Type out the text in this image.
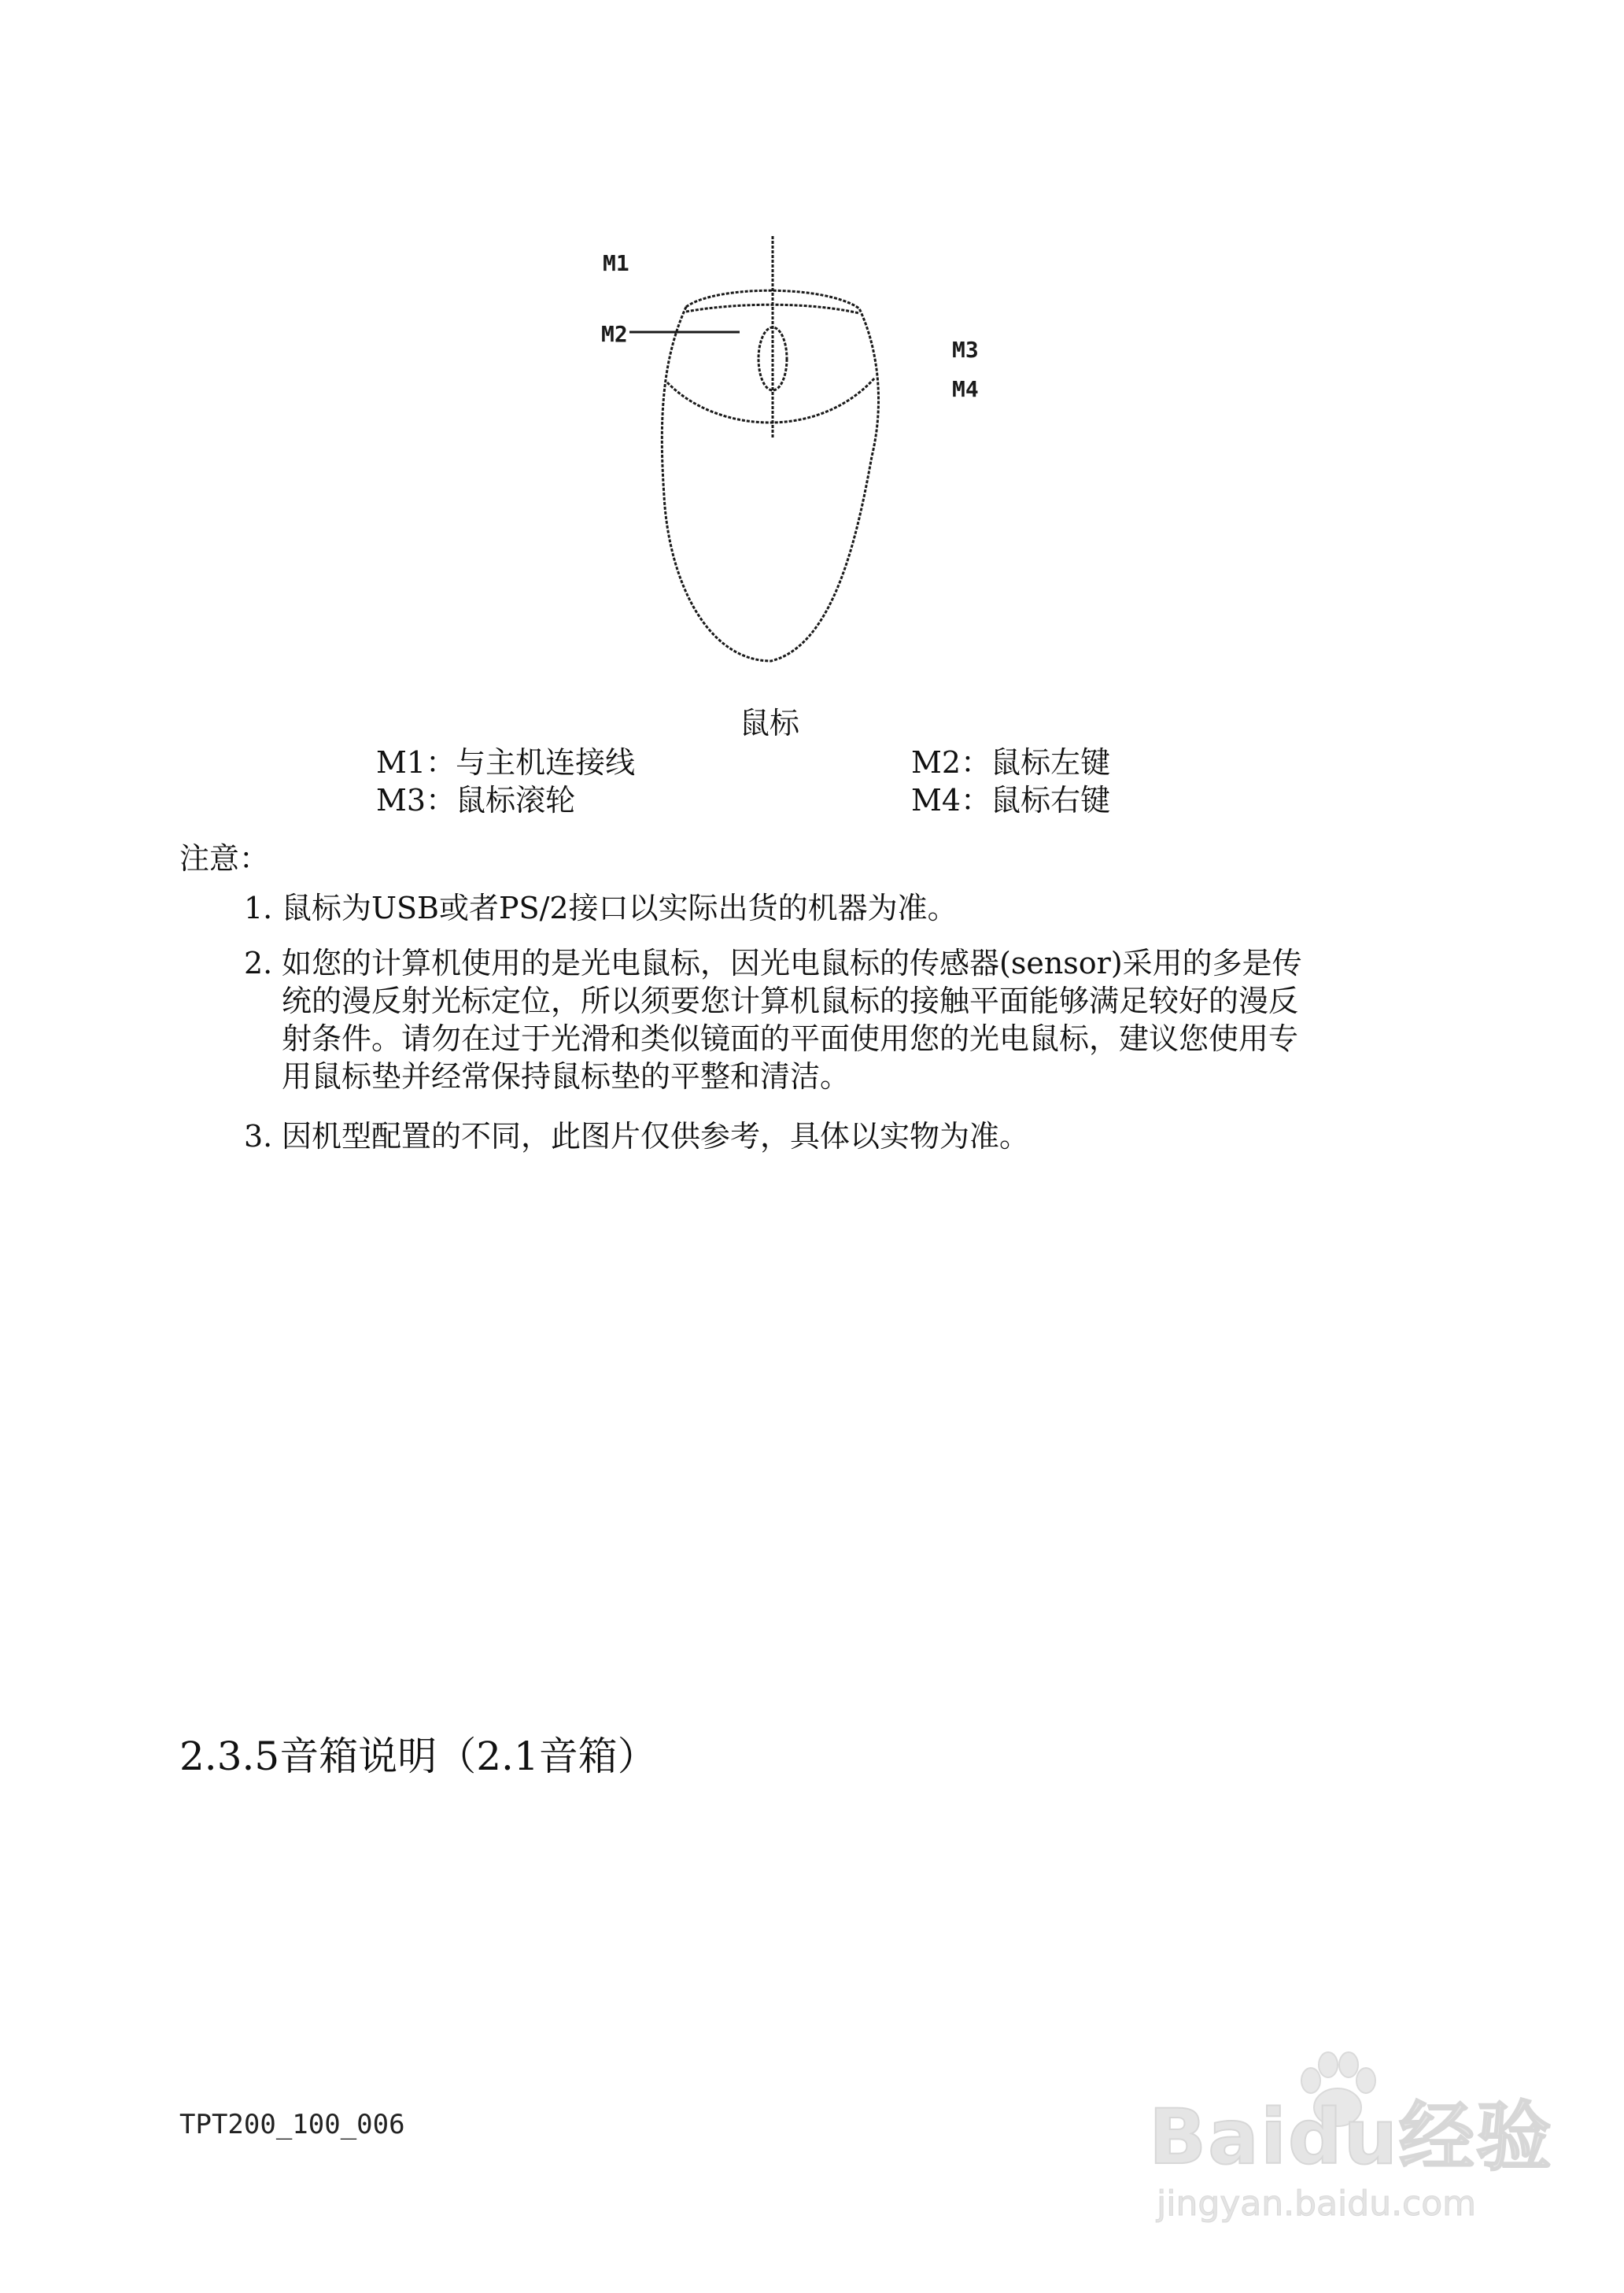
M1
M2
M3
M4
鼠标
M1：与主机连接线	M2：鼠标左键
M3：鼠标滚轮	M4：鼠标右键
注意：
1. 鼠标为USB或者PS/2接口以实际出货的机器为准。
2. 如您的计算机使用的是光电鼠标，因光电鼠标的传感器(sensor)采用的多是传
统的漫反射光标定位，所以须要您计算机鼠标的接触平面能够满足较好的漫反
射条件。请勿在过于光滑和类似镜面的平面使用您的光电鼠标，建议您使用专
用鼠标垫并经常保持鼠标垫的平整和清洁。
3. 因机型配置的不同，此图片仅供参考，具体以实物为准。
2.3.5音箱说明（2.1音箱）
TPT200_100_006	Baidu经验
jingyan.baidu.com
